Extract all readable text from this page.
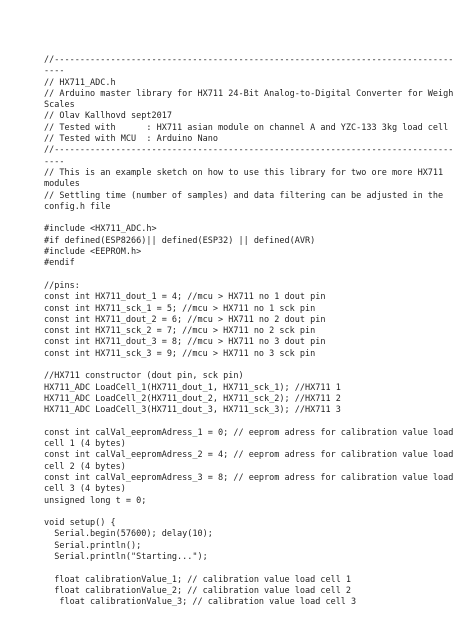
//------------------------------------------------------------------------------
----
// HX711_ADC.h
// Arduino master library for HX711 24-Bit Analog-to-Digital Converter for Weigh
Scales
// Olav Kallhovd sept2017
// Tested with      : HX711 asian module on channel A and YZC-133 3kg load cell
// Tested with MCU  : Arduino Nano
//------------------------------------------------------------------------------
----
// This is an example sketch on how to use this library for two ore more HX711
modules
// Settling time (number of samples) and data filtering can be adjusted in the
config.h file
#include <HX711_ADC.h>
#if defined(ESP8266)|| defined(ESP32) || defined(AVR)
#include <EEPROM.h>
#endif
//pins:
const int HX711_dout_1 = 4; //mcu > HX711 no 1 dout pin
const int HX711_sck_1 = 5; //mcu > HX711 no 1 sck pin
const int HX711_dout_2 = 6; //mcu > HX711 no 2 dout pin
const int HX711_sck_2 = 7; //mcu > HX711 no 2 sck pin
const int HX711_dout_3 = 8; //mcu > HX711 no 3 dout pin
const int HX711_sck_3 = 9; //mcu > HX711 no 3 sck pin
//HX711 constructor (dout pin, sck pin)
HX711_ADC LoadCell_1(HX711_dout_1, HX711_sck_1); //HX711 1
HX711_ADC LoadCell_2(HX711_dout_2, HX711_sck_2); //HX711 2
HX711_ADC LoadCell_3(HX711_dout_3, HX711_sck_3); //HX711 3
const int calVal_eepromAdress_1 = 0; // eeprom adress for calibration value load
cell 1 (4 bytes)
const int calVal_eepromAdress_2 = 4; // eeprom adress for calibration value load
cell 2 (4 bytes)
const int calVal_eepromAdress_3 = 8; // eeprom adress for calibration value load
cell 3 (4 bytes)
unsigned long t = 0;
void setup() {
Serial.begin(57600); delay(10);
Serial.println();
Serial.println("Starting...");
float calibrationValue_1; // calibration value load cell 1
float calibrationValue_2; // calibration value load cell 2
float calibrationValue_3; // calibration value load cell 3
